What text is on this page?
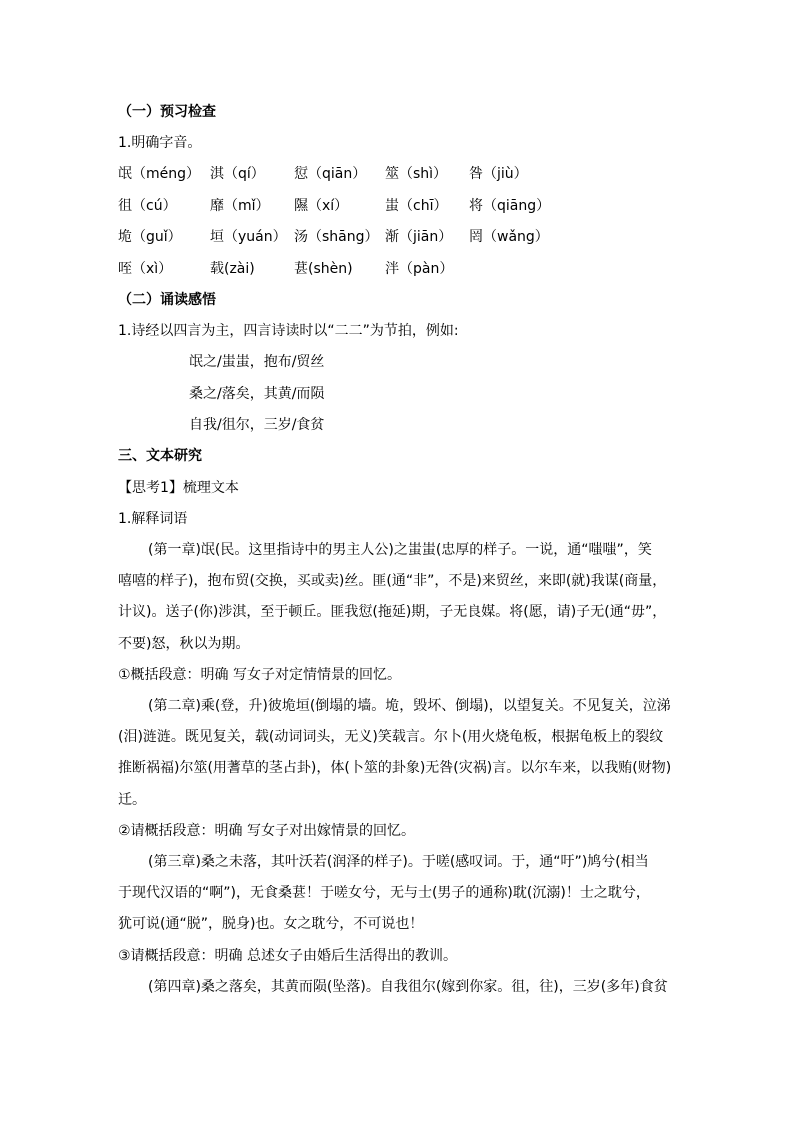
（一）预习检查
1.明确字音。
氓（méng） 淇（qí） 愆（qiān） 筮（shì） 咎（jiù）
徂（cú） 靡（mǐ） 隰（xí）	蚩（chī） 将（qiāng）
垝（guǐ） 垣（yuán） 汤（shāng） 渐（jiān） 罔（wǎng）
咥（xì）	载(zài)	葚(shèn) 泮（pàn）
（二）诵读感悟
1.诗经以四言为主，四言诗读时以“二二”为节拍，例如:
氓之/蚩蚩，抱布/贸丝
桑之/落矣，其黄/而陨
自我/徂尔，三岁/食贫
三、文本研究
【思考1】梳理文本
1.解释词语
(第一章)氓(民。这里指诗中的男主人公)之蚩蚩(忠厚的样子。一说，通“嗤嗤”，笑
嘻嘻的样子)，抱布贸(交换，买或卖)丝。匪(通“非”，不是)来贸丝，来即(就)我谋(商量，
计议)。送子(你)涉淇，至于顿丘。匪我愆(拖延)期，子无良媒。将(愿，请)子无(通“毋”，
不要)怒，秋以为期。
①概括段意：明确 写女子对定情情景的回忆。
(第二章)乘(登，升)彼垝垣(倒塌的墙。垝，毁坏、倒塌)，以望复关。不见复关，泣涕
(泪)涟涟。既见复关，载(动词词头，无义)笑载言。尔卜(用火烧龟板，根据龟板上的裂纹
推断祸福)尔筮(用蓍草的茎占卦)，体(卜筮的卦象)无咎(灾祸)言。以尔车来，以我贿(财物)
迁。
②请概括段意：明确 写女子对出嫁情景的回忆。
(第三章)桑之未落，其叶沃若(润泽的样子)。于嗟(感叹词。于，通“吁”)鸠兮(相当
于现代汉语的“啊”)，无食桑葚！于嗟女兮，无与士(男子的通称)耽(沉溺)！士之耽兮，
犹可说(通“脱”，脱身)也。女之耽兮，不可说也！
③请概括段意：明确 总述女子由婚后生活得出的教训。
(第四章)桑之落矣，其黄而陨(坠落)。自我徂尔(嫁到你家。徂，往)，三岁(多年)食贫
